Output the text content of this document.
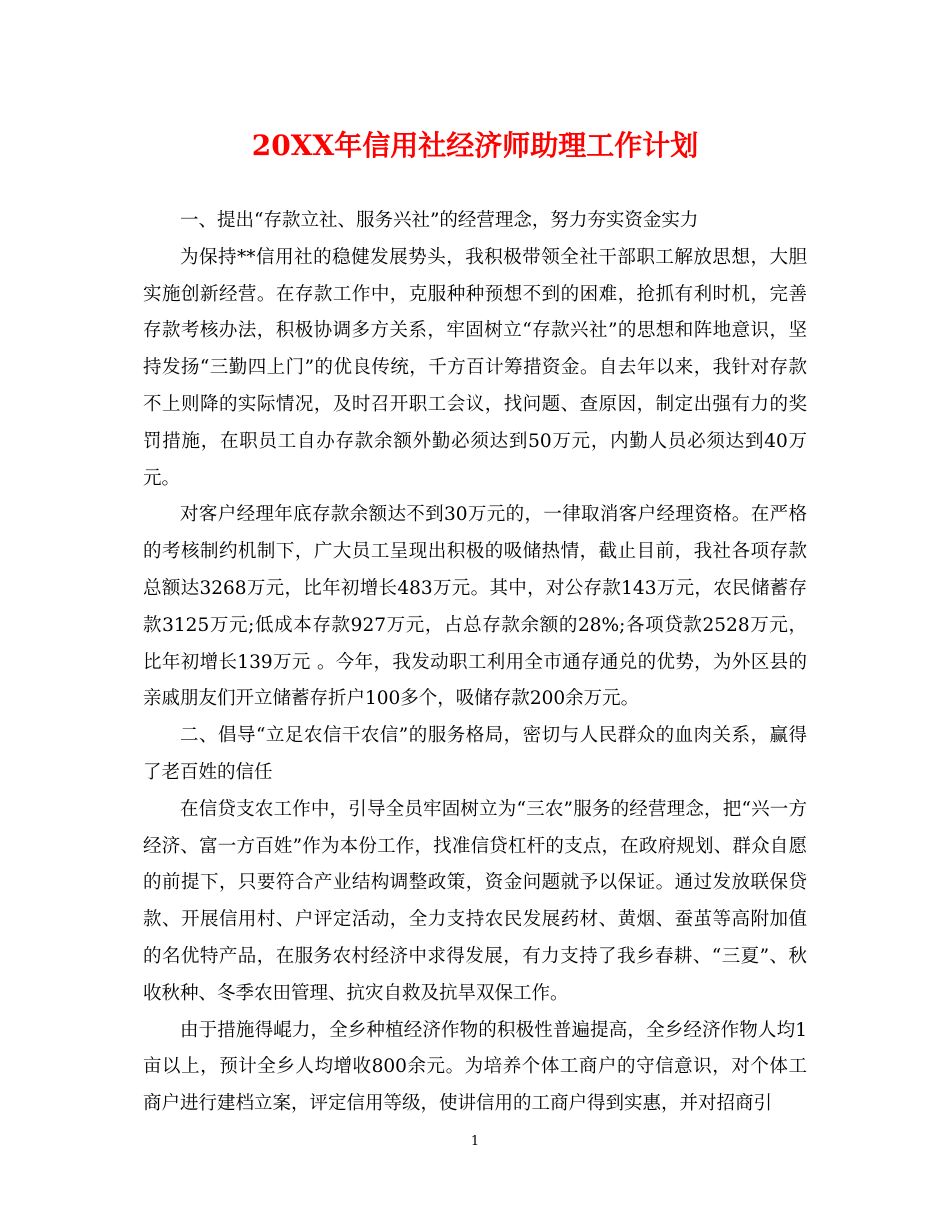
20XX年信用社经济师助理工作计划

一、提出“存款立社、服务兴社”的经营理念，努力夯实资金实力

为保持**信用社的稳健发展势头，我积极带领全社干部职工解放思想，大胆实施创新经营。在存款工作中，克服种种预想不到的困难，抢抓有利时机，完善存款考核办法，积极协调多方关系，牢固树立“存款兴社”的思想和阵地意识，坚持发扬“三勤四上门”的优良传统，千方百计筹措资金。自去年以来，我针对存款不上则降的实际情况，及时召开职工会议，找问题、查原因，制定出强有力的奖罚措施，在职员工自办存款余额外勤必须达到50万元，内勤人员必须达到40万元。

对客户经理年底存款余额达不到30万元的，一律取消客户经理资格。在严格的考核制约机制下，广大员工呈现出积极的吸储热情，截止目前，我社各项存款总额达3268万元，比年初增长483万元。其中，对公存款143万元，农民储蓄存款3125万元;低成本存款927万元，占总存款余额的28%;各项贷款2528万元，比年初增长139万元 。今年，我发动职工利用全市通存通兑的优势，为外区县的亲戚朋友们开立储蓄存折户100多个，吸储存款200余万元。

二、倡导“立足农信干农信”的服务格局，密切与人民群众的血肉关系，赢得了老百姓的信任

在信贷支农工作中，引导全员牢固树立为“三农”服务的经营理念，把“兴一方经济、富一方百姓”作为本份工作，找准信贷杠杆的支点，在政府规划、群众自愿的前提下，只要符合产业结构调整政策，资金问题就予以保证。通过发放联保贷款、开展信用村、户评定活动，全力支持农民发展药材、黄烟、蚕茧等高附加值的名优特产品，在服务农村经济中求得发展，有力支持了我乡春耕、“三夏”、秋收秋种、冬季农田管理、抗灾自救及抗旱双保工作。

由于措施得崐力，全乡种植经济作物的积极性普遍提高，全乡经济作物人均1亩以上，预计全乡人均增收800余元。为培养个体工商户的守信意识，对个体工商户进行建档立案，评定信用等级，使讲信用的工商户得到实惠，并对招商引

1
